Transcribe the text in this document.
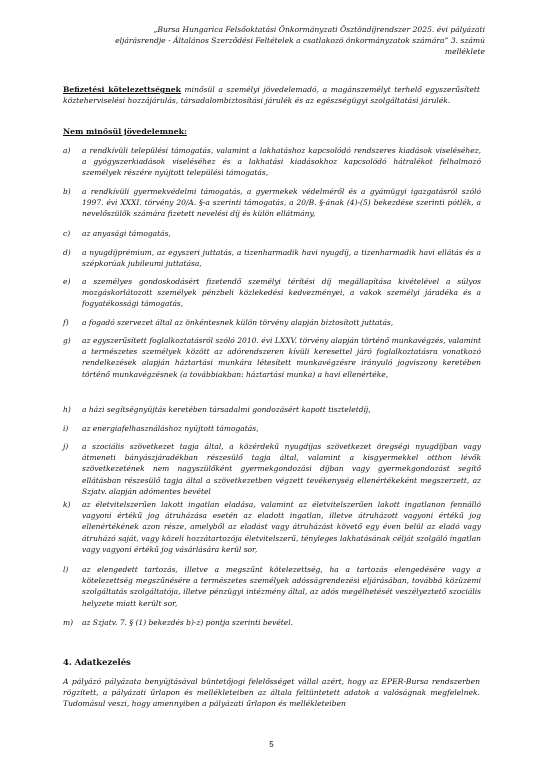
„Bursa Hungarica Felsőoktatási Önkormányzati Ösztöndíjrendszer 2025. évi pályázati
eljárásrendje - Általános Szerződési Feltételek a csatlakozó önkormányzatok számára” 3. számú
melléklete
Befizetési kötelezettségnek minősül a személyi jövedelemadó, a magánszemélyt terhelő egyszerűsített közteherviselési hozzájárulás, társadalombiztosítási járulék és az egészségügyi szolgáltatási járulék.
Nem minősül jövedelemnek:
a)	a rendkívüli települési támogatás, valamint a lakhatáshoz kapcsolódó rendszeres kiadások viseléséhez, a gyógyszerkiadások viseléséhez és a lakhatási kiadásokhoz kapcsolódó hátralékot felhalmozó személyek részére nyújtott települési támogatás,
b)	a rendkívüli gyermekvédelmi támogatás, a gyermekek védelméről és a gyámügyi igazgatásról szóló 1997. évi XXXI. törvény 20/A. §-a szerinti támogatás, a 20/B. §-ának (4)-(5) bekezdése szerinti pótlék, a nevelőszülők számára fizetett nevelési díj és külön ellátmány,
c)	az anyasági támogatás,
d)	a nyugdíjprémium, az egyszeri juttatás, a tizenharmadik havi nyugdíj, a tizenharmadik havi ellátás és a szépkorúak jubileumi juttatása,
e)	a személyes gondoskodásért fizetendő személyi térítési díj megállapítása kivételével a súlyos mozgáskorlátozott személyek pénzbeli közlekedési kedvezményei, a vakok személyi járadéka és a fogyatékossági támogatás,
f)	a fogadó szervezet által az önkéntesnek külön törvény alapján biztosított juttatás,
g)	az egyszerűsített foglalkoztatásról szóló 2010. évi LXXV. törvény alapján történő munkavégzés, valamint a természetes személyek között az adórendszeren kívüli keresettel járó foglalkoztatásra vonatkozó rendelkezések alapján háztartási munkára létesített munkavégzésre irányuló jogviszony keretében történő munkavégzésnek (a továbbiakban: háztartási munka) a havi ellenértéke,
h)	a házi segítségnyújtás keretében társadalmi gondozásért kapott tiszteletdíj,
i)	az energiafelhasználáshoz nyújtott támogatás,
j)	a szociális szövetkezet tagja által, a közérdekű nyugdíjas szövetkezet öregségi nyugdíjban vagy átmeneti bányászjáradékban részesülő tagja által, valamint a kisgyermekkel otthon lévők szövetkezetének nem nagyszülőként gyermekgondozási díjban vagy gyermekgondozást segítő ellátásban részesülő tagja által a szövetkezetben végzett tevékenység ellenértékeként megszerzett, az Szjatv. alapján adómentes bevétel
k)	az életvitelszerűen lakott ingatlan eladása, valamint az életvitelszerűen lakott ingatlanon fennálló vagyoni értékű jog átruházása esetén az eladott ingatlan, illetve átruházott vagyoni értékű jog ellenértékének azon része, amelyből az eladást vagy átruházást követő egy éven belül az eladó vagy átruházó saját, vagy közeli hozzátartozója életvitelszerű, tényleges lakhatásának célját szolgáló ingatlan vagy vagyoni értékű jog vásárlására kerül sor,
l)	az elengedett tartozás, illetve a megszűnt kötelezettség, ha a tartozás elengedésére vagy a kötelezettség megszűnésére a természetes személyek adósságrendezési eljárásában, továbbá közüzemi szolgáltatás szolgáltatója, illetve pénzügyi intézmény által, az adós megélhetését veszélyeztető szociális helyzete miatt került sor,
m)	az Szjatv. 7. § (1) bekezdés b)-z) pontja szerinti bevétel.
4. Adatkezelés
A pályázó pályázata benyújtásával büntetőjogi felelősséget vállal azért, hogy az EPER-Bursa rendszerben rögzített, a pályázati űrlapon és mellékleteiben az általa feltüntetett adatok a valóságnak megfelelnek. Tudomásul veszi, hogy amennyiben a pályázati űrlapon és mellékleteiben
5
